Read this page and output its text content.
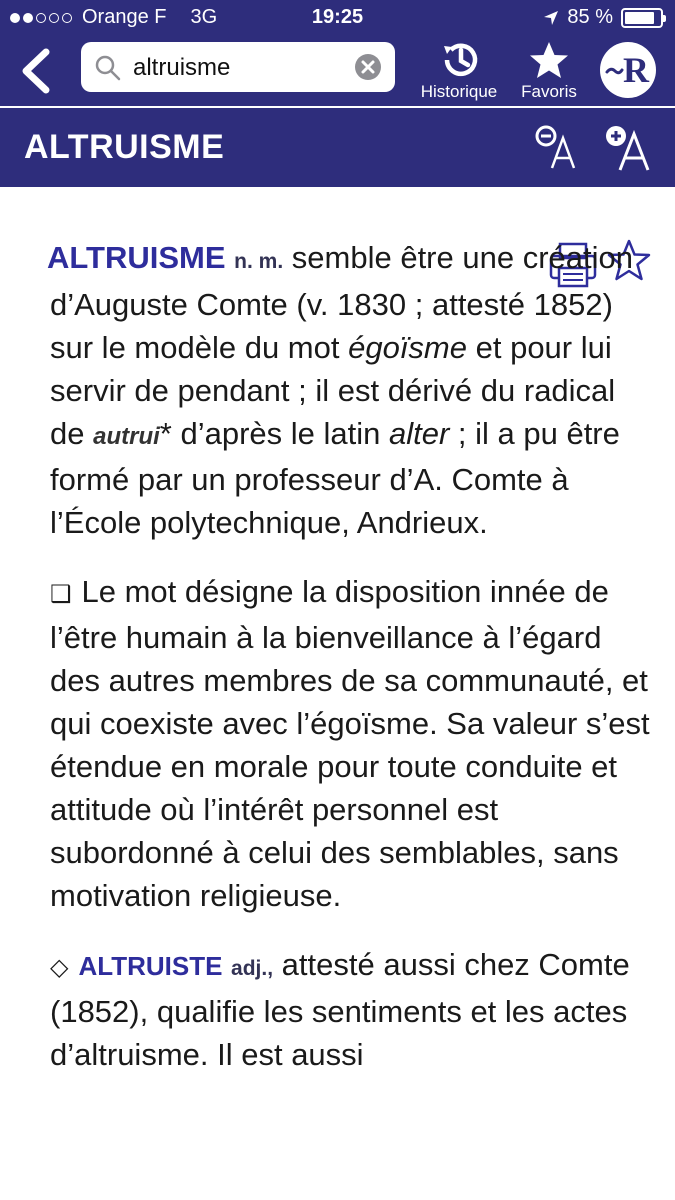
Orange F 3G	19:25	85 %
altruisme
Historique	Favoris
R
ALTRUISME

ALTRUISME n. m. semble être une création d’Auguste Comte (v. 1830 ; attesté 1852) sur le modèle du mot égoïsme et pour lui servir de pendant ; il est dérivé du radical de autrui* d’après le latin alter ; il a pu être formé par un professeur d’A. Comte à l’École polytechnique, Andrieux.

❑ Le mot désigne la disposition innée de l’être humain à la bienveillance à l’égard des autres membres de sa communauté, et qui coexiste avec l’égoïsme. Sa valeur s’est étendue en morale pour toute conduite et attitude où l’intérêt personnel est subordonné à celui des semblables, sans motivation religieuse.

◇ ALTRUISTE adj., attesté aussi chez Comte (1852), qualifie les sentiments et les actes d’altruisme. Il est aussi
